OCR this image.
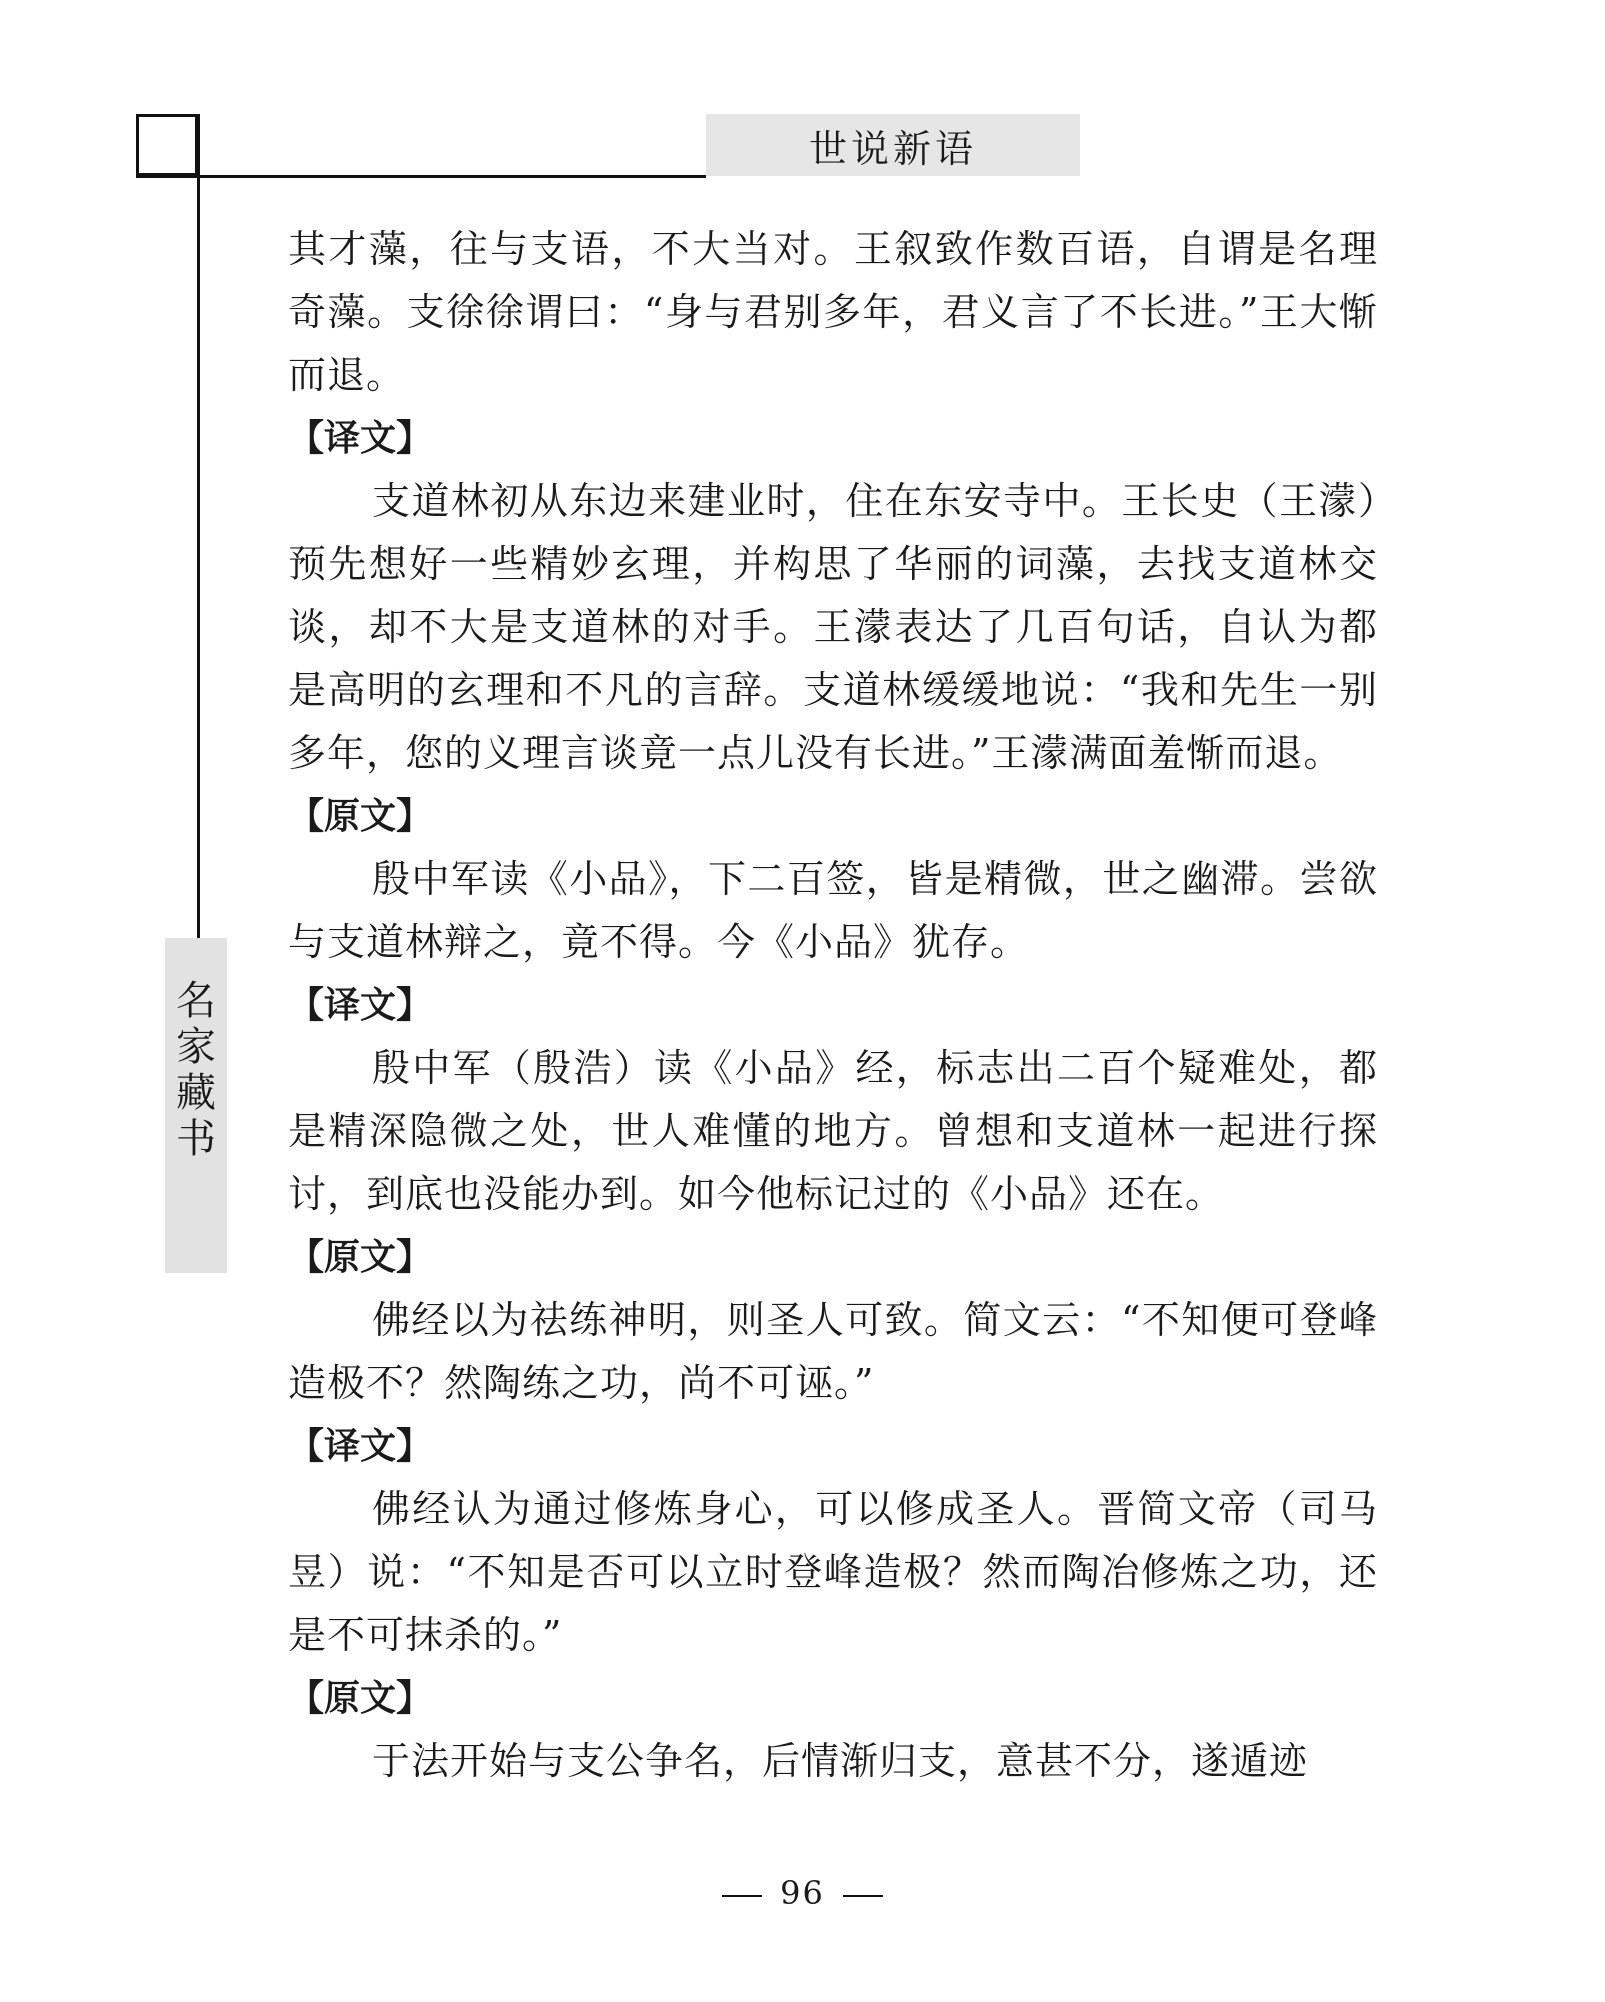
世说新语
名家藏书

其才藻，往与支语，不大当对。王叙致作数百语，自谓是名理奇藻。支徐徐谓曰：“身与君别多年，君义言了不长进。”王大惭而退。

【译文】

支道林初从东边来建业时，住在东安寺中。王长史（王濛）预先想好一些精妙玄理，并构思了华丽的词藻，去找支道林交谈，却不大是支道林的对手。王濛表达了几百句话，自认为都是高明的玄理和不凡的言辞。支道林缓缓地说：“我和先生一别多年，您的义理言谈竟一点儿没有长进。”王濛满面羞惭而退。

【原文】

殷中军读《小品》，下二百签，皆是精微，世之幽滞。尝欲与支道林辩之，竟不得。今《小品》犹存。

【译文】

殷中军（殷浩）读《小品》经，标志出二百个疑难处，都是精深隐微之处，世人难懂的地方。曾想和支道林一起进行探讨，到底也没能办到。如今他标记过的《小品》还在。

【原文】

佛经以为祛练神明，则圣人可致。简文云：“不知便可登峰造极不？然陶练之功，尚不可诬。”

【译文】

佛经认为通过修炼身心，可以修成圣人。晋简文帝（司马昱）说：“不知是否可以立时登峰造极？然而陶冶修炼之功，还是不可抹杀的。”

【原文】

于法开始与支公争名，后情渐归支，意甚不分，遂遁迹

96
